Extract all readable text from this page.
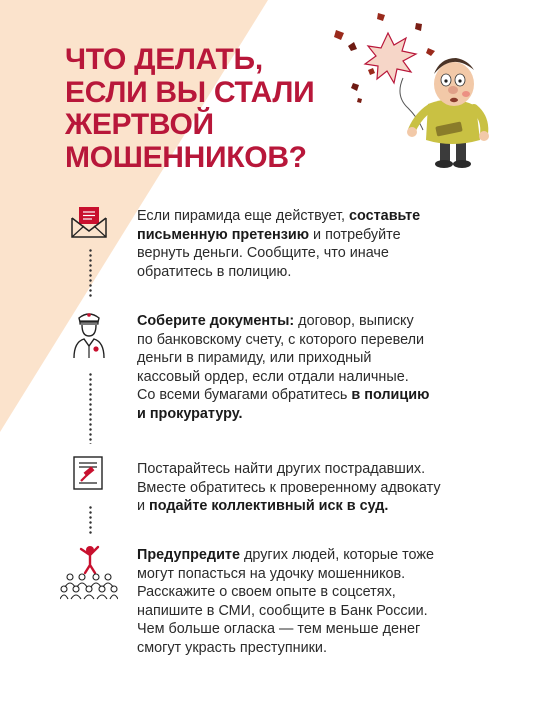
ЧТО ДЕЛАТЬ,
ЕСЛИ ВЫ СТАЛИ
ЖЕРТВОЙ
МОШЕННИКОВ?
Если пирамида еще действует, составьте
письменную претензию и потребуйте
вернуть деньги. Сообщите, что иначе
обратитесь в полицию.
Соберите документы: договор, выписку
по банковскому счету, с которого перевели
деньги в пирамиду, или приходный
кассовый ордер, если отдали наличные.
Со всеми бумагами обратитесь в полицию
и прокуратуру.
Постарайтесь найти других пострадавших.
Вместе обратитесь к проверенному адвокату
и подайте коллективный иск в суд.
Предупредите других людей, которые тоже
могут попасться на удочку мошенников.
Расскажите о своем опыте в соцсетях,
напишите в СМИ, сообщите в Банк России.
Чем больше огласка — тем меньше денег
смогут украсть преступники.
